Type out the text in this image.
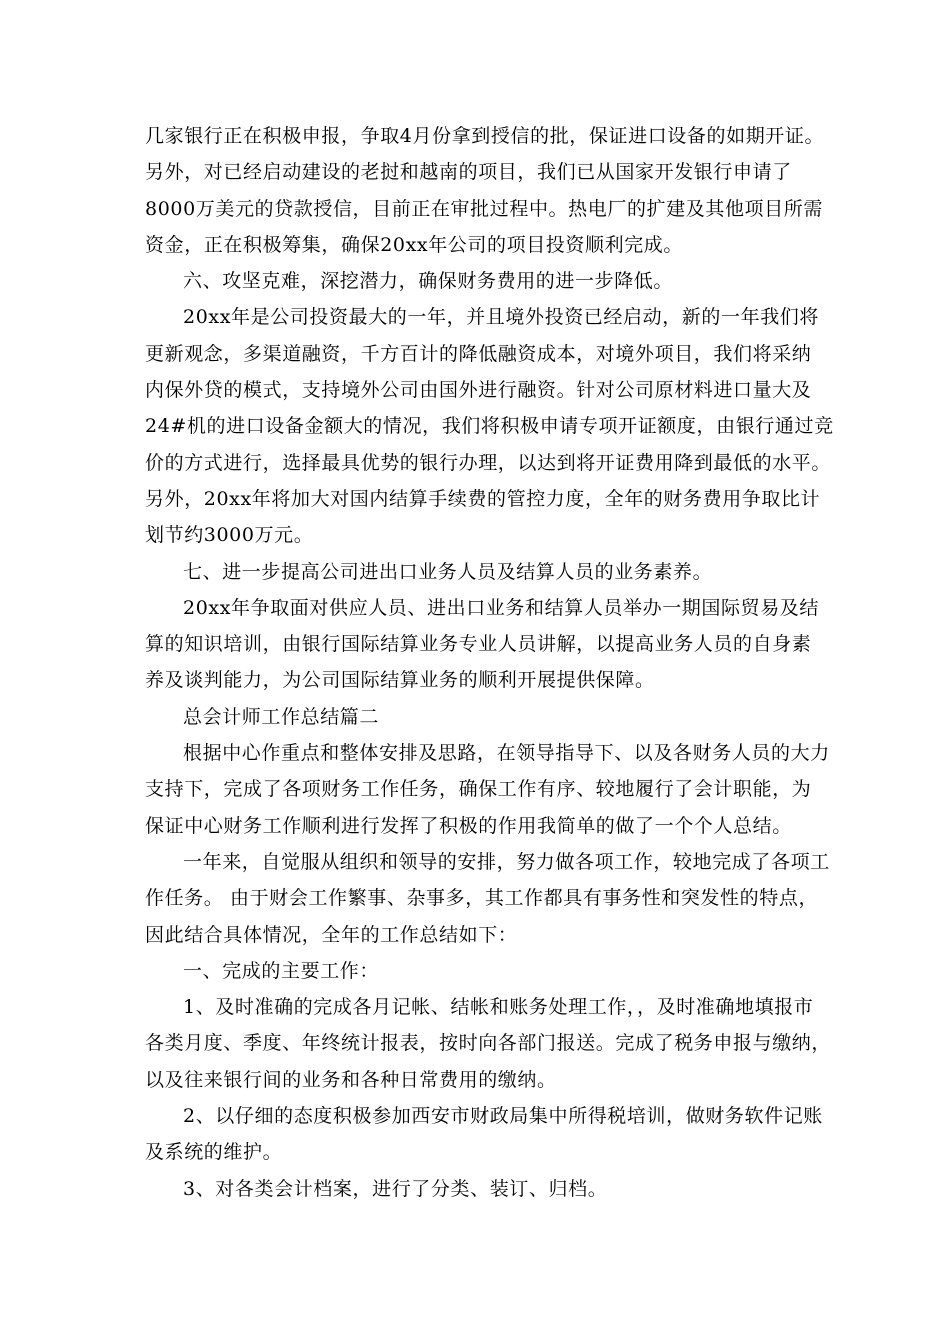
几家银行正在积极申报，争取4月份拿到授信的批，保证进口设备的如期开证。
另外，对已经启动建设的老挝和越南的项目，我们已从国家开发银行申请了
8000万美元的贷款授信，目前正在审批过程中。热电厂的扩建及其他项目所需
资金，正在积极筹集，确保20xx年公司的项目投资顺利完成。
六、攻坚克难，深挖潜力，确保财务费用的进一步降低。
20xx年是公司投资最大的一年，并且境外投资已经启动，新的一年我们将
更新观念，多渠道融资，千方百计的降低融资成本，对境外项目，我们将采纳
内保外贷的模式，支持境外公司由国外进行融资。针对公司原材料进口量大及
24#机的进口设备金额大的情况，我们将积极申请专项开证额度，由银行通过竞
价的方式进行，选择最具优势的银行办理，以达到将开证费用降到最低的水平。
另外，20xx年将加大对国内结算手续费的管控力度，全年的财务费用争取比计
划节约3000万元。
七、进一步提高公司进出口业务人员及结算人员的业务素养。
20xx年争取面对供应人员、进出口业务和结算人员举办一期国际贸易及结
算的知识培训，由银行国际结算业务专业人员讲解，以提高业务人员的自身素
养及谈判能力，为公司国际结算业务的顺利开展提供保障。
总会计师工作总结篇二
根据中心作重点和整体安排及思路，在领导指导下、以及各财务人员的大力
支持下，完成了各项财务工作任务，确保工作有序、较地履行了会计职能，为
保证中心财务工作顺利进行发挥了积极的作用我简单的做了一个个人总结。
一年来，自觉服从组织和领导的安排，努力做各项工作，较地完成了各项工
作任务。 由于财会工作繁事、杂事多，其工作都具有事务性和突发性的特点，
因此结合具体情况，全年的工作总结如下：
一、完成的主要工作：
1、及时准确的完成各月记帐、结帐和账务处理工作，，及时准确地填报市
各类月度、季度、年终统计报表，按时向各部门报送。完成了税务申报与缴纳，
以及往来银行间的业务和各种日常费用的缴纳。
2、以仔细的态度积极参加西安市财政局集中所得税培训，做财务软件记账
及系统的维护。
3、对各类会计档案，进行了分类、装订、归档。
